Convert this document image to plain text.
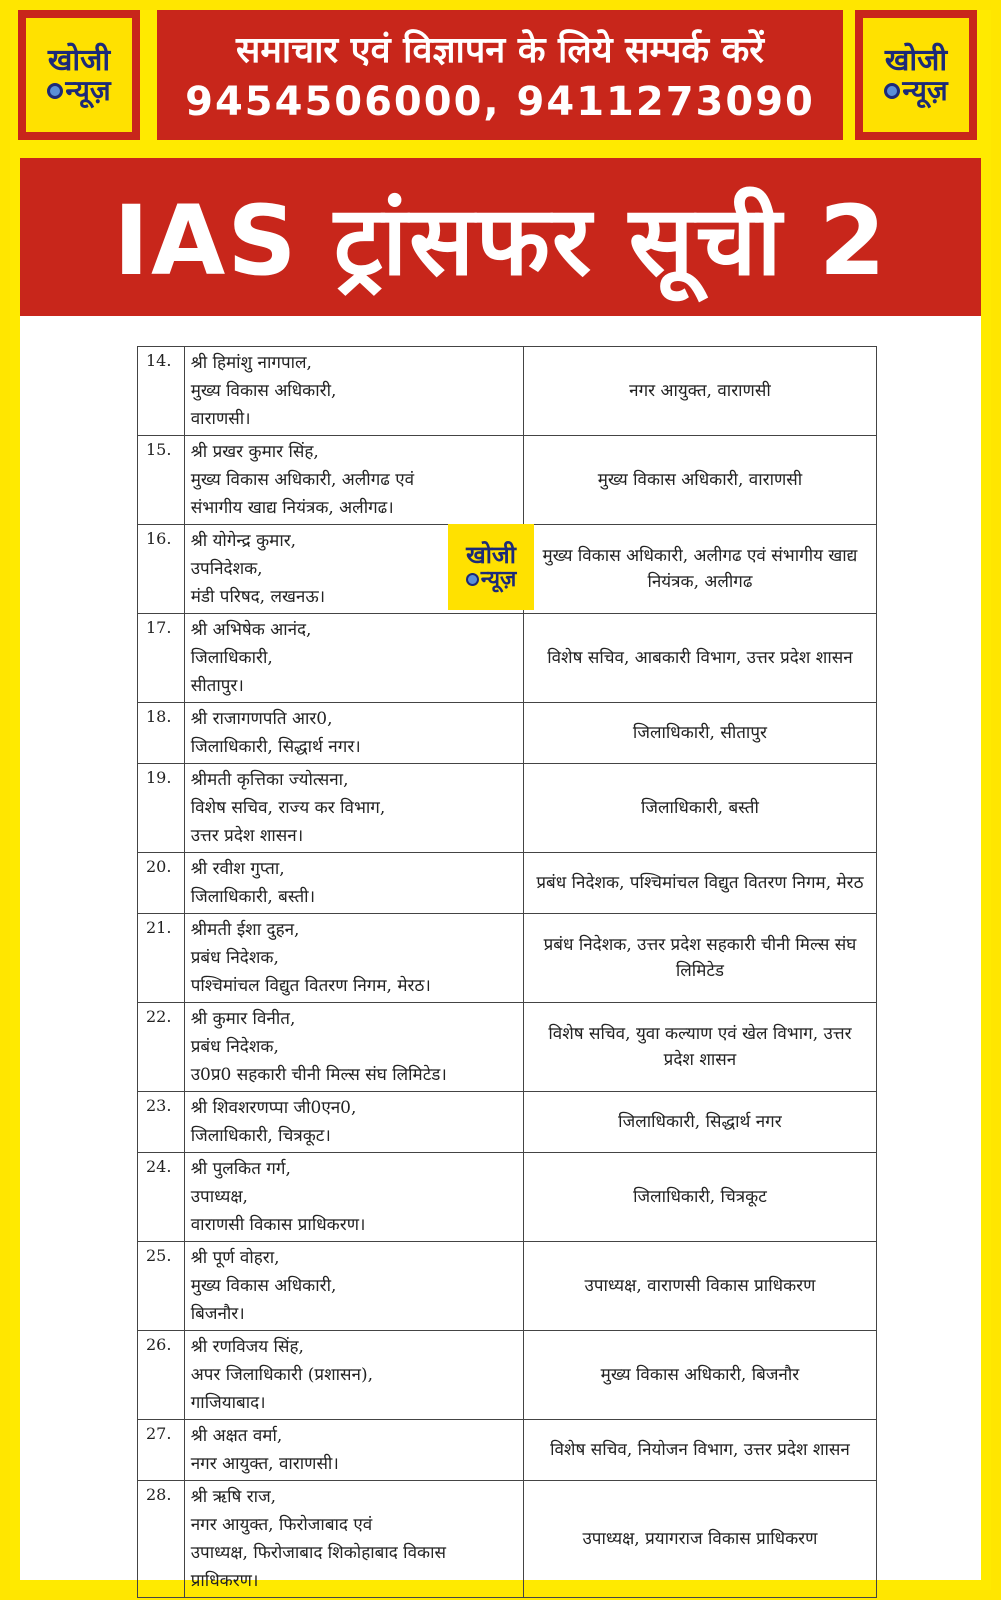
खोजी
न्यूज़
समाचार एवं विज्ञापन के लिये सम्पर्क करें
9454506000, 9411273090
खोजी
न्यूज़
IAS ट्रांसफर सूची 2
14.	श्री हिमांशु नागपाल,
मुख्य विकास अधिकारी,
वाराणसी।	नगर आयुक्त, वाराणसी
15.	श्री प्रखर कुमार सिंह,
मुख्य विकास अधिकारी, अलीगढ एवं
संभागीय खाद्य नियंत्रक, अलीगढ।	मुख्य विकास अधिकारी, वाराणसी
16.	श्री योगेन्द्र कुमार,
उपनिदेशक,
मंडी परिषद, लखनऊ।	मुख्य विकास अधिकारी, अलीगढ एवं संभागीय खाद्य नियंत्रक, अलीगढ
17.	श्री अभिषेक आनंद,
जिलाधिकारी,
सीतापुर।	विशेष सचिव, आबकारी विभाग, उत्तर प्रदेश शासन
18.	श्री राजागणपति आर0,
जिलाधिकारी, सिद्धार्थ नगर।	जिलाधिकारी, सीतापुर
19.	श्रीमती कृत्तिका ज्योत्सना,
विशेष सचिव, राज्य कर विभाग,
उत्तर प्रदेश शासन।	जिलाधिकारी, बस्ती
20.	श्री रवीश गुप्ता,
जिलाधिकारी, बस्ती।	प्रबंध निदेशक, पश्चिमांचल विद्युत वितरण निगम, मेरठ
21.	श्रीमती ईशा दुहन,
प्रबंध निदेशक,
पश्चिमांचल विद्युत वितरण निगम, मेरठ।	प्रबंध निदेशक, उत्तर प्रदेश सहकारी चीनी मिल्स संघ लिमिटेड
22.	श्री कुमार विनीत,
प्रबंध निदेशक,
उ0प्र0 सहकारी चीनी मिल्स संघ लिमिटेड।	विशेष सचिव, युवा कल्याण एवं खेल विभाग, उत्तर प्रदेश शासन
23.	श्री शिवशरणप्पा जी0एन0,
जिलाधिकारी, चित्रकूट।	जिलाधिकारी, सिद्धार्थ नगर
24.	श्री पुलकित गर्ग,
उपाध्यक्ष,
वाराणसी विकास प्राधिकरण।	जिलाधिकारी, चित्रकूट
25.	श्री पूर्ण वोहरा,
मुख्य विकास अधिकारी,
बिजनौर।	उपाध्यक्ष, वाराणसी विकास प्राधिकरण
26.	श्री रणविजय सिंह,
अपर जिलाधिकारी (प्रशासन),
गाजियाबाद।	मुख्य विकास अधिकारी, बिजनौर
27.	श्री अक्षत वर्मा,
नगर आयुक्त, वाराणसी।	विशेष सचिव, नियोजन विभाग, उत्तर प्रदेश शासन
28.	श्री ऋषि राज,
नगर आयुक्त, फिरोजाबाद एवं
उपाध्यक्ष, फिरोजाबाद शिकोहाबाद विकास प्राधिकरण।	उपाध्यक्ष, प्रयागराज विकास प्राधिकरण
खोजी
न्यूज़
